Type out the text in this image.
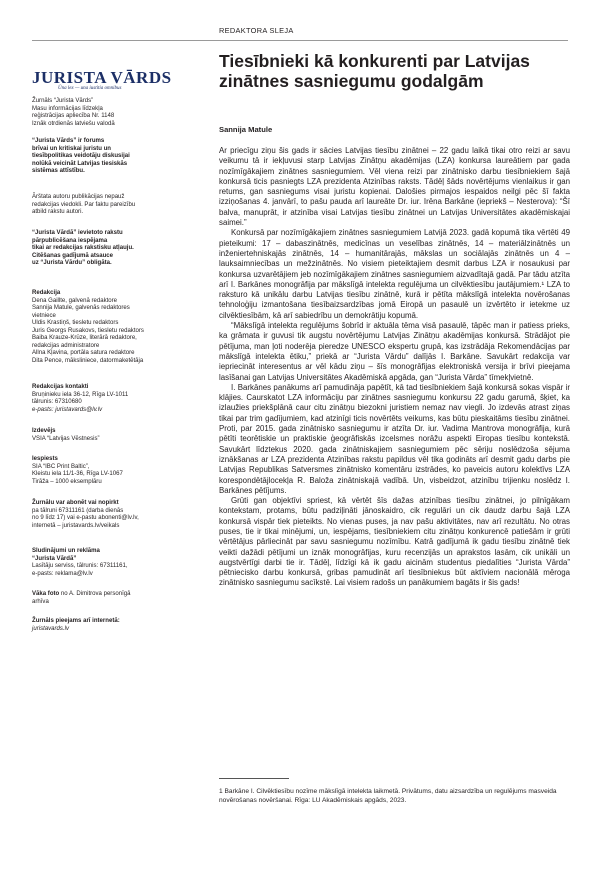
REDAKTORA SLEJA
JURISTA VĀRDS
Ūna lex — una iustitia omnibus

Žurnāls “Jurista Vārds”

Masu informācijas līdzekļa

reģistrācijas apliecība Nr. 1148

Iznāk otrdienās latviešu valodā

“Jurista Vārds” ir forums

brīvai un kritiskai juristu un

tiesībpolitikas veidotāju diskusijai

nolūkā veicināt Latvijas tiesiskās

sistēmas attīstību.

Ārštata autoru publikācijas nepauž

redakcijas viedokli. Par faktu pareizību

atbild rakstu autori.

“Jurista Vārdā” ievietoto rakstu

pārpublicēšana iespējama

tikai ar redakcijas rakstisku atļauju.

Citēšanas gadījumā atsauce

uz “Jurista Vārdu” obligāta.

Redakcija

Dena Gaillte, galvenā redaktore

Sannija Matule, galvenās redaktores

vietniece

Uldis Krastiņš, tiesletu redaktors

Juris Georgs Rusakovs, tiesletu redaktors

Baiba Krauze-Krūze, literārā redaktore,

redakcijas administratore

Allna Kļavina, portāla satura redaktore

Dita Pence, māksliniece, datormaketētāja

Redakcijas kontakti

Bruņinieku iela 36-12, Rīga LV-1011

tālrunis: 67310680

e-pasts: juristavards@lv.lv

Izdevējs

VSIA “Latvijas Vēstnesis”

Iespiests

SIA “IBC Print Baltic”,

Kleistu iela 11/1-36, Rīga LV-1067

Tirāža – 1000 eksemplāru

Žurnālu var abonēt vai nopirkt

pa tālruni 67311161 (darba dienās

no 9 līdz 17) vai e-pastu abonenti@lv.lv,

internetā – juristavards.lv/veikals

Sludinājumi un reklāma

“Jurista Vārdā”

Lasītāju serviss, tālrunis: 67311161,

e-pasts: reklama@lv.lv

Vāka foto no A. Dimitrova personīgā

arhīva

Žurnāls pieejams arī internetā:

juristavards.lv

Tiesībnieki kā konkurenti par Latvijas zinātnes sasniegumu godalgām
Sannija Matule

Ar priecīgu ziņu šis gads ir sācies Latvijas tiesību zinātnei – 22 gadu laikā tikai otro reizi ar savu veikumu tā ir iekļuvusi starp Latvijas Zinātņu akadēmijas (LZA) konkursa laureātiem par gada nozīmīgākajiem zinātnes sasniegumiem. Vēl viena reizi par zinātnisko darbu tiesībniekiem šajā konkursā ticis pasniegts LZA prezidenta Atzinības raksts. Tādēļ šāds novērtējums vienlaikus ir gan retums, gan sasniegums visai juristu kopienai. Dalošies pirmajos iespaidos neilgi pēc šī fakta izziņošanas 4. janvārī, to pašu pauda arī laureāte Dr. iur. Irēna Barkāne (iepriekš – Nesterova): “Šī balva, manuprāt, ir atzinība visai Latvijas tiesību zinātnei un Latvijas Universitātes akadēmiskajai saimei.”

Konkursā par nozīmīgākajiem zinātnes sasniegumiem Latvijā 2023. gadā kopumā tika vērtēti 49 pieteikumi: 17 – dabaszinātnēs, medicīnas un veselības zinātnēs, 14 – materiālzinātnēs un inženiertehniskajās zinātnēs, 14 – humanitārajās, mākslas un sociālajās zinātnēs un 4 – lauksaimniecības un mežzinātnēs. No visiem pieteiktajiem desmit darbus LZA ir nosaukusi par konkursa uzvarētājiem jeb nozīmīgākajiem zinātnes sasniegumiem aizvadītajā gadā. Par tādu atzīta arī I. Barkānes monogrāfija par mākslīgā intelekta regulējuma un cilvēktiesību jautājumiem.¹ LZA to raksturo kā unikālu darbu Latvijas tiesību zinātnē, kurā ir pētīta mākslīgā intelekta novērošanas tehnoloģiju izmantošana tiesībaizsardzības jomā Eiropā un pasaulē un izvērtēto ir ietekme uz cilvēktiesībām, kā arī sabiedrību un demokrātiju kopumā.

“Mākslīgā intelekta regulējums šobrīd ir aktuāla tēma visā pasaulē, tāpēc man ir patiess prieks, ka grāmata ir guvusi tik augstu novērtējumu Latvijas Zinātņu akadēmijas konkursā. Strādājot pie pētījuma, man ļoti noderēja pieredze UNESCO ekspertu grupā, kas izstrādāja Rekomendācijas par mākslīgā intelekta ētiku,” priekā ar “Jurista Vārdu” dalījās I. Barkāne. Savukārt redakcija var iepriecināt interesentus ar vēl kādu ziņu – šīs monogrāfijas elektroniskā versija ir brīvi pieejama lasīšanai gan Latvijas Universitātes Akadēmiskā apgāda, gan “Jurista Vārda” tīmekļvietnē.

I. Barkānes panākums arī pamudināja papētīt, kā tad tiesībniekiem šajā konkursā sokas vispār ir klājies. Caurskatot LZA informāciju par zinātnes sasniegumu konkursu 22 gadu garumā, šķiet, ka izlaužies priekšplānā caur citu zinātņu biezokni juristiem nemaz nav viegli. Jo izdevās atrast ziņas tikai par trim gadījumiem, kad atzinīgi ticis novērtēts veikums, kas būtu pieskaitāms tiesību zinātnei. Proti, par 2015. gada zinātnisko sasniegumu ir atzīta Dr. iur. Vadima Mantrova monogrāfija, kurā pētīti teorētiskie un praktiskie ģeogrāfiskās izcelsmes norāžu aspekti Eiropas tiesību kontekstā. Savukārt līdztekus 2020. gada zinātniskajiem sasniegumiem pēc sēriju noslēdzoša sējuma iznākšanas ar LZA prezidenta Atzinības rakstu papildus vēl tika godināts arī desmit gadu darbs pie Latvijas Republikas Satversmes zinātnisko komentāru izstrādes, ko paveicis autoru kolektīvs LZA korespondētājlocekļa R. Baloža zinātniskajā vadībā. Un, visbeidzot, atzinību trijienku noslēdz I. Barkānes pētījums.

Grūti gan objektīvi spriest, kā vērtēt šīs dažas atzinības tiesību zinātnei, jo pilnīgākam kontekstam, protams, būtu padziļināti jānoskaidro, cik regulāri un cik daudz darbu šajā LZA konkursā vispār tiek pieteikts. No vienas puses, ja nav pašu aktivitātes, nav arī rezultātu. No otras puses, tie ir tikai minējumi, un, iespējams, tiesībniekiem citu zinātņu konkurencē patiešām ir grūti vērtētājus pārliecināt par savu sasniegumu nozīmību. Katrā gadījumā ik gadu tiesību zinātnē tiek veikti dažādi pētījumi un iznāk monogrāfijas, kuru recenzijās un aprakstos lasām, cik unikāli un augstvērtīgi darbi tie ir. Tādēļ, līdzīgi kā ik gadu aicinām studentus piedalīties “Jurista Vārda” pētniecisko darbu konkursā, gribas pamudināt arī tiesībniekus būt aktīviem nacionālā mēroga zinātnisko sasniegumu sacīkstē. Lai visiem radošs un panākumiem bagāts ir šis gads!

1 Barkāne I. Cilvēktiesību nozīme mākslīgā intelekta laikmetā. Privātums, datu aizsardzība un regulējums masveida novērošanas novēršanai. Rīga: LU Akadēmiskais apgāds, 2023.
